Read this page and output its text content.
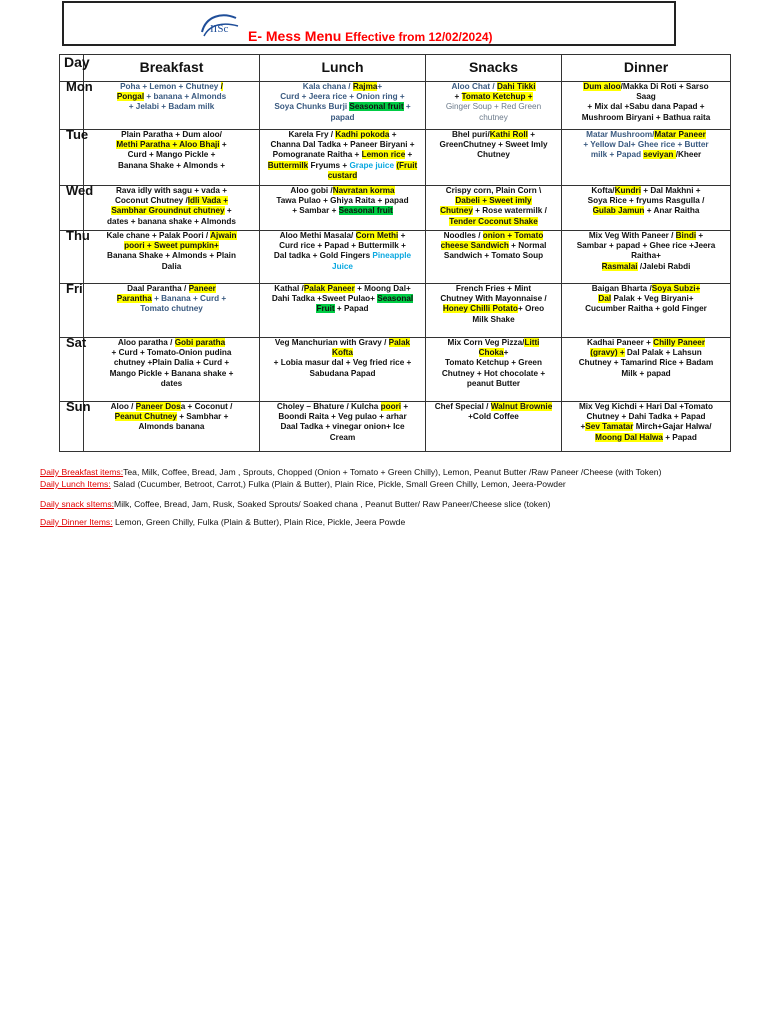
IISc E- Mess Menu Effective from 12/02/2024)
Day	Breakfast	Lunch	Snacks	Dinner
Mon	Poha + Lemon + Chutney /
Pongal + banana + Almonds
+ Jelabi + Badam milk	Kala chana / Rajma+
Curd + Jeera rice + Onion ring +
Soya Chunks Burji Seasonal fruit +
papad	Aloo Chat / Dahi Tikki
+ Tomato Ketchup +
Ginger Soup + Red Green
chutney	Dum aloo/Makka Di Roti + Sarso
Saag
+ Mix dal +Sabu dana Papad +
Mushroom Biryani + Bathua raita
Tue	Plain Paratha + Dum aloo/
Methi Paratha + Aloo Bhaji +
Curd + Mango Pickle +
Banana Shake + Almonds +	Karela Fry / Kadhi pokoda +
Channa Dal Tadka + Paneer Biryani +
Pomogranate Raitha + Lemon rice +
Buttermilk Fryums + Grape juice (Fruit
custard	Bhel puri/Kathi Roll +
GreenChutney + Sweet Imly
Chutney	Matar Mushroom/Matar Paneer
+ Yellow Dal+ Ghee rice + Butter
milk + Papad seviyan /Kheer
Wed	Rava idly with sagu + vada +
Coconut Chutney /Idli Vada +
Sambhar Groundnut chutney +
dates + banana shake + Almonds	Aloo gobi /Navratan korma
Tawa Pulao + Ghiya Raita + papad
+ Sambar + Seasonal fruit	Crispy corn, Plain Corn \
Dabeli + Sweet imly
Chutney + Rose watermilk /
Tender Coconut Shake	Kofta/Kundri + Dal Makhni +
Soya Rice + fryums Rasgulla /
Gulab Jamun + Anar Raitha
Thu	Kale chane + Palak Poori / Ajwain
poori + Sweet pumpkin+
Banana Shake + Almonds + Plain
Dalia	Aloo Methi Masala/ Corn Methi +
Curd rice + Papad + Buttermilk +
Dal tadka + Gold Fingers Pineapple
Juice	Noodles / onion + Tomato
cheese Sandwich + Normal
Sandwich + Tomato Soup	Mix Veg With Paneer / Bindi +
Sambar + papad + Ghee rice +Jeera
Raitha+
Rasmalai /Jalebi Rabdi
Fri	Daal Parantha / Paneer
Parantha + Banana + Curd +
Tomato chutney	Kathal /Palak Paneer + Moong Dal+
Dahi Tadka +Sweet Pulao+ Seasonal
Fruit + Papad	French Fries + Mint
Chutney With Mayonnaise /
Honey Chilli Potato+ Oreo
Milk Shake	Baigan Bharta /Soya Subzi+
Dal Palak + Veg Biryani+
Cucumber Raitha + gold Finger
Sat	Aloo paratha / Gobi paratha
+ Curd + Tomato-Onion pudina
chutney +Plain Dalia + Curd +
Mango Pickle + Banana shake +
dates	Veg Manchurian with Gravy / Palak
Kofta
+ Lobia masur dal + Veg fried rice +
Sabudana Papad	Mix Corn Veg Pizza/Litti
Choka+
Tomato Ketchup + Green
Chutney + Hot chocolate +
peanut Butter	Kadhai Paneer + Chilly Paneer
(gravy) + Dal Palak + Lahsun
Chutney + Tamarind Rice + Badam
Milk + papad
Sun	Aloo / Paneer Dosa + Coconut /
Peanut Chutney + Sambhar +
Almonds banana	Choley – Bhature / Kulcha poori +
Boondi Raita + Veg pulao + arhar
Daal Tadka + vinegar onion+ Ice
Cream	Chef Special / Walnut Brownie
+Cold Coffee	Mix Veg Kichdi + Hari Dal +Tomato
Chutney + Dahi Tadka + Papad
+Sev Tamatar Mirch+Gajar Halwa/
Moong Dal Halwa + Papad
Daily Breakfast items:Tea, Milk, Coffee, Bread, Jam , Sprouts, Chopped (Onion + Tomato + Green Chilly), Lemon, Peanut Butter /Raw Paneer /Cheese (with Token)
Daily Lunch Items: Salad (Cucumber, Betroot, Carrot,) Fulka (Plain & Butter), Plain Rice, Pickle, Small Green Chilly, Lemon, Jeera-Powder
Daily snack sItems:Milk, Coffee, Bread, Jam, Rusk, Soaked Sprouts/ Soaked chana , Peanut Butter/ Raw Paneer/Cheese slice (token)
Daily Dinner Items: Lemon, Green Chilly, Fulka (Plain & Butter), Plain Rice, Pickle, Jeera Powde
